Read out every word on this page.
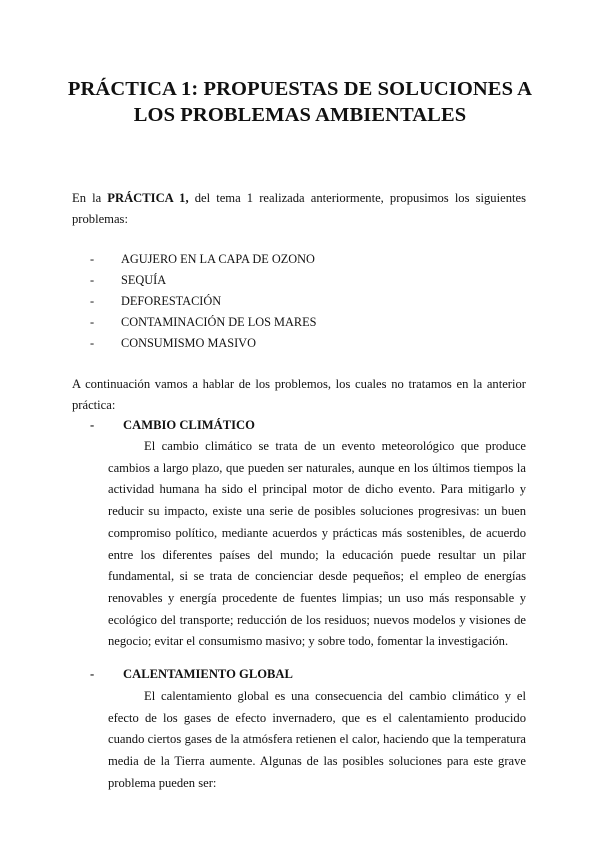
PRÁCTICA 1: PROPUESTAS DE SOLUCIONES A
LOS PROBLEMAS AMBIENTALES
En la PRÁCTICA 1, del tema 1 realizada anteriormente, propusimos los siguientes problemas:
-	AGUJERO EN LA CAPA DE OZONO
-	SEQUÍA
-	DEFORESTACIÓN
-	CONTAMINACIÓN DE LOS MARES
-	CONSUMISMO MASIVO
A continuación vamos a hablar de los problemos, los cuales no tratamos en la anterior práctica:
-	CAMBIO CLIMÁTICO
El cambio climático se trata de un evento meteorológico que produce cambios a largo plazo, que pueden ser naturales, aunque en los últimos tiempos la actividad humana ha sido el principal motor de dicho evento. Para mitigarlo y reducir su impacto, existe una serie de posibles soluciones progresivas: un buen compromiso político, mediante acuerdos y prácticas más sostenibles, de acuerdo entre los diferentes países del mundo; la educación puede resultar un pilar fundamental, si se trata de concienciar desde pequeños; el empleo de energías renovables y energía procedente de fuentes limpias; un uso más responsable y ecológico del transporte; reducción de los residuos; nuevos modelos y visiones de negocio; evitar el consumismo masivo; y sobre todo, fomentar la investigación.
-	CALENTAMIENTO GLOBAL
El calentamiento global es una consecuencia del cambio climático y el efecto de los gases de efecto invernadero, que es el calentamiento producido cuando ciertos gases de la atmósfera retienen el calor, haciendo que la temperatura media de la Tierra aumente. Algunas de las posibles soluciones para este grave problema pueden ser:
